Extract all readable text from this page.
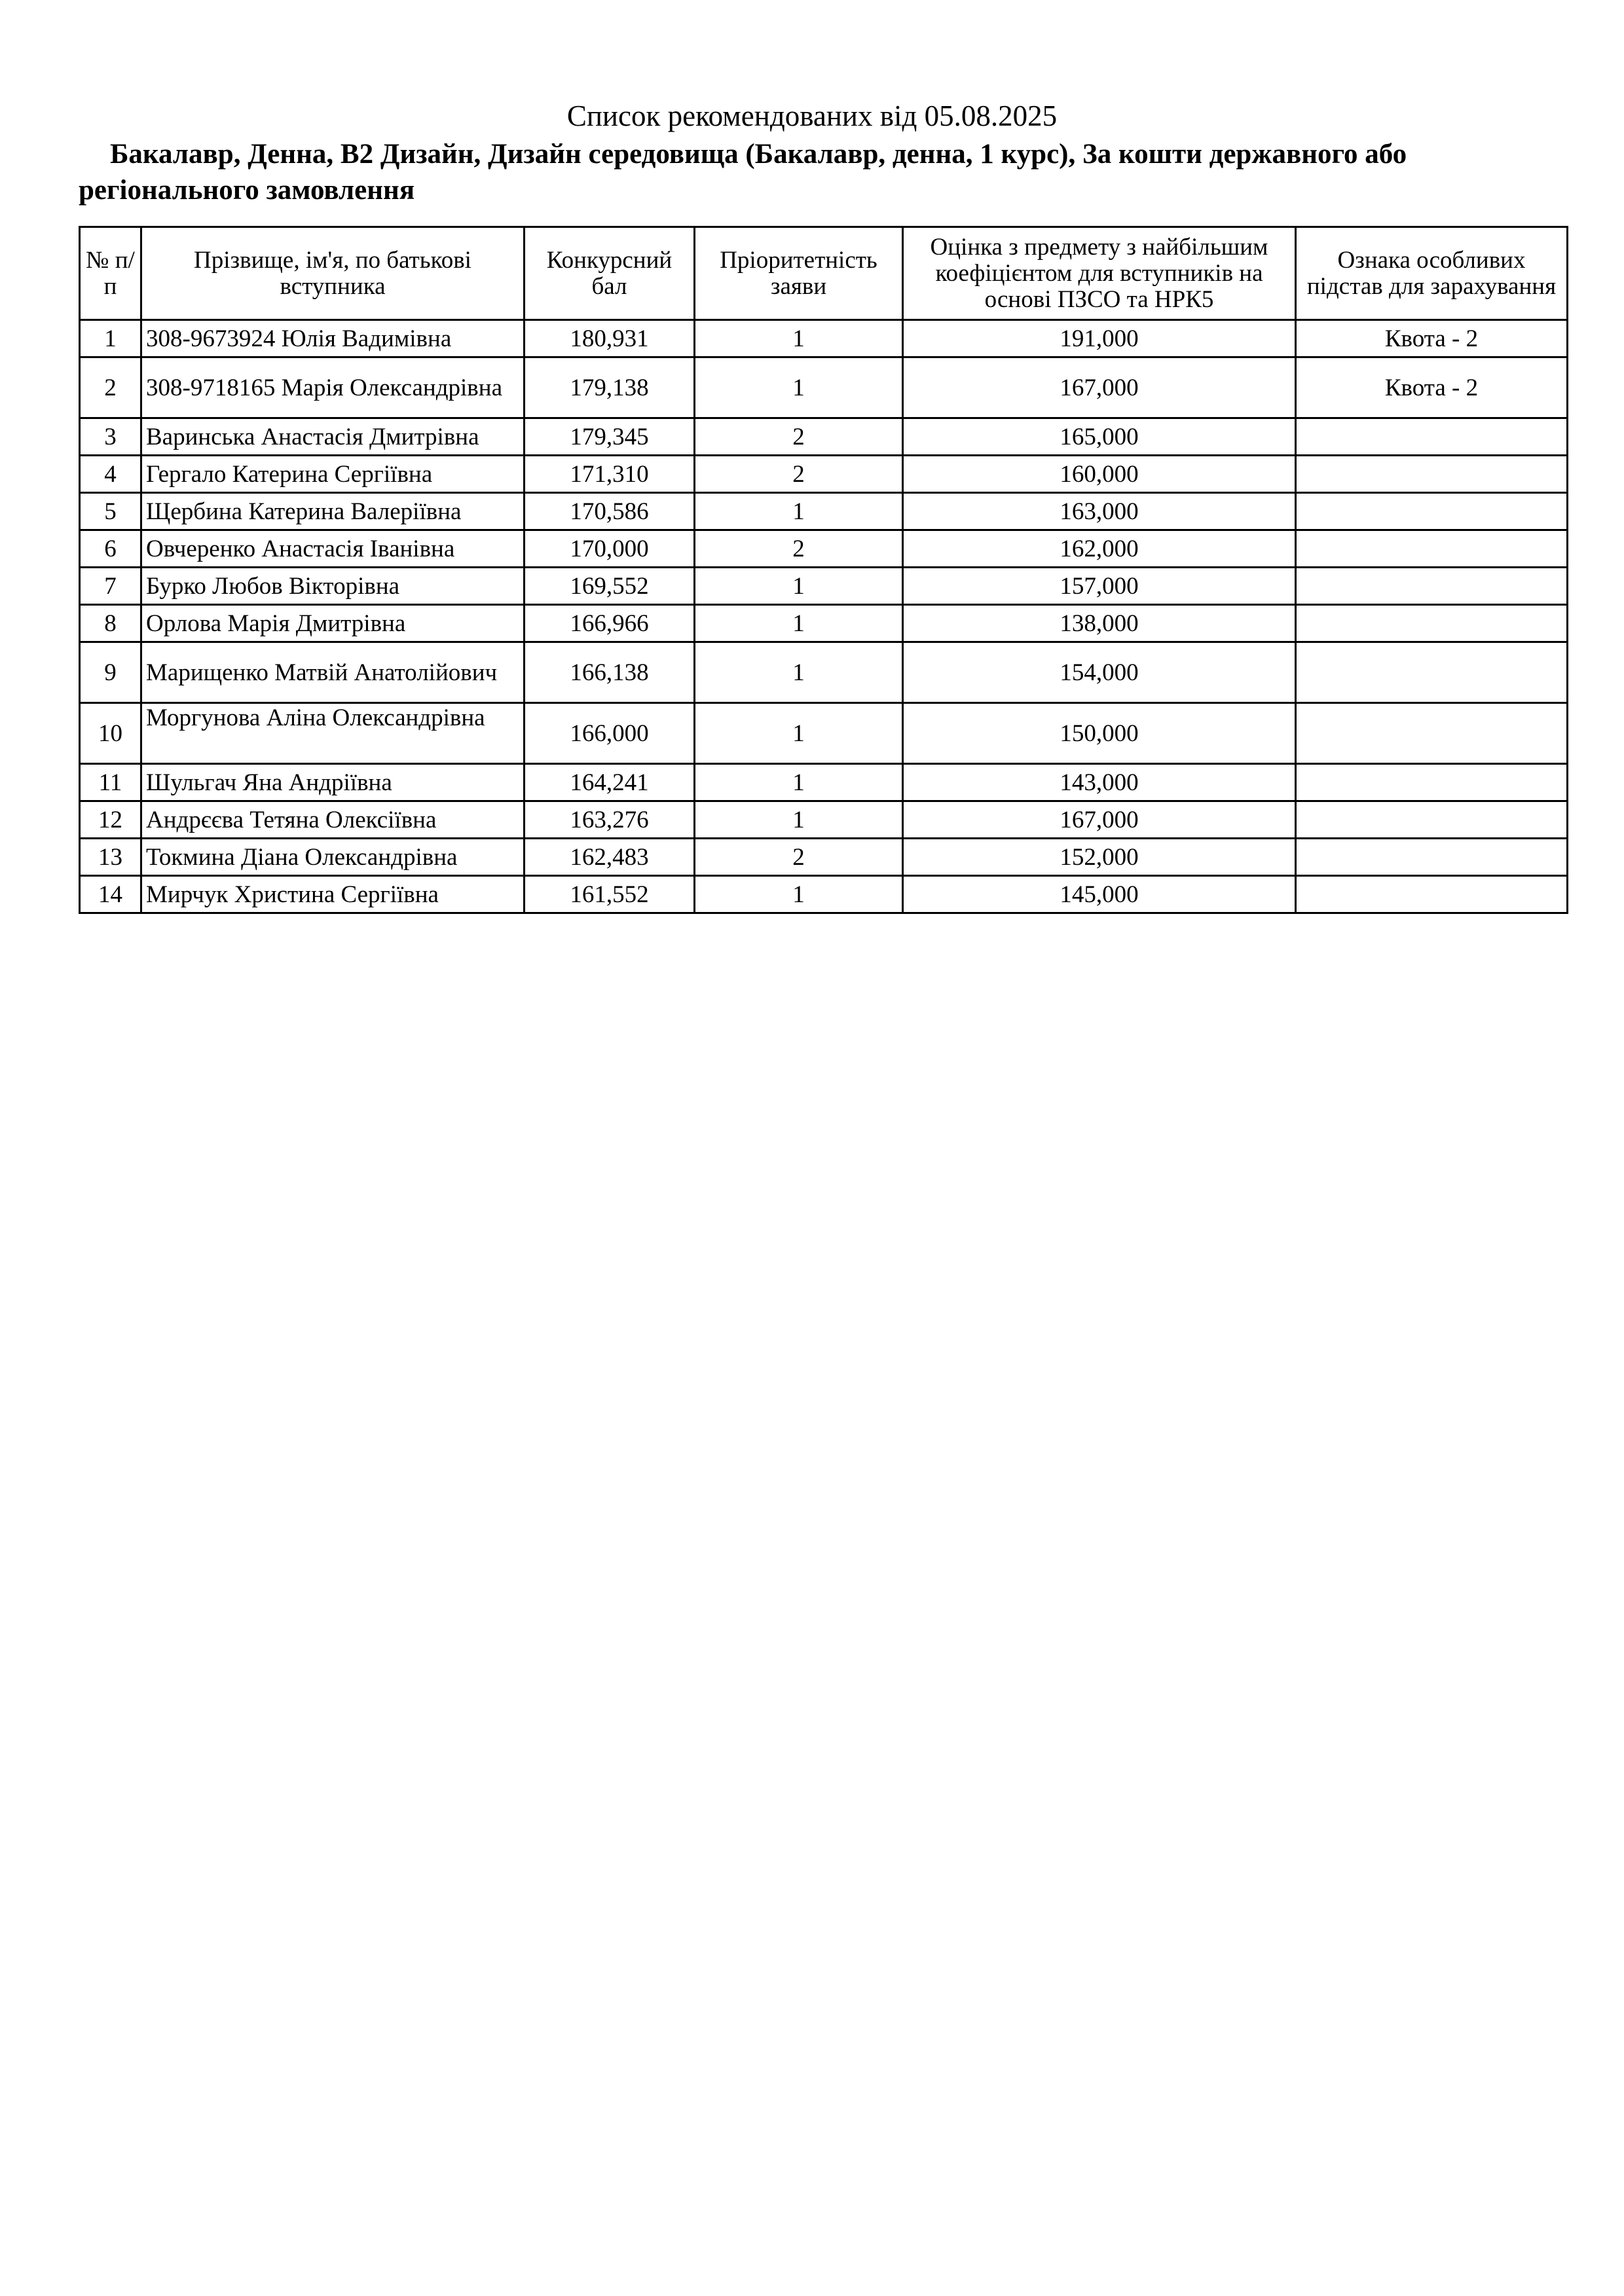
Список рекомендованих від 05.08.2025
Бакалавр, Денна, B2 Дизайн, Дизайн середовища (Бакалавр, денна, 1 курс), За кошти державного або регіонального замовлення
№ п/п	Прізвище, ім'я, по батькові вступника	Конкурсний бал	Пріоритетність заяви	Оцінка з предмету з найбільшим коефіцієнтом для вступників на основі ПЗСО та НРК5	Ознака особливих підстав для зарахування
1	308-9673924 Юлія Вадимівна	180,931	1	191,000	Квота - 2
2	308-9718165 Марія Олександрівна	179,138	1	167,000	Квота - 2
3	Варинська Анастасія Дмитрівна	179,345	2	165,000	
4	Гергало Катерина Сергіївна	171,310	2	160,000	
5	Щербина Катерина Валеріївна	170,586	1	163,000	
6	Овчеренко Анастасія Іванівна	170,000	2	162,000	
7	Бурко Любов Вікторівна	169,552	1	157,000	
8	Орлова Марія Дмитрівна	166,966	1	138,000	
9	Марищенко Матвій Анатолійович	166,138	1	154,000	
10	Моргунова Аліна Олександрівна	166,000	1	150,000	
11	Шульгач Яна Андріївна	164,241	1	143,000	
12	Андрєєва Тетяна Олексіївна	163,276	1	167,000	
13	Токмина Діана Олександрівна	162,483	2	152,000	
14	Мирчук Христина Сергіївна	161,552	1	145,000	
